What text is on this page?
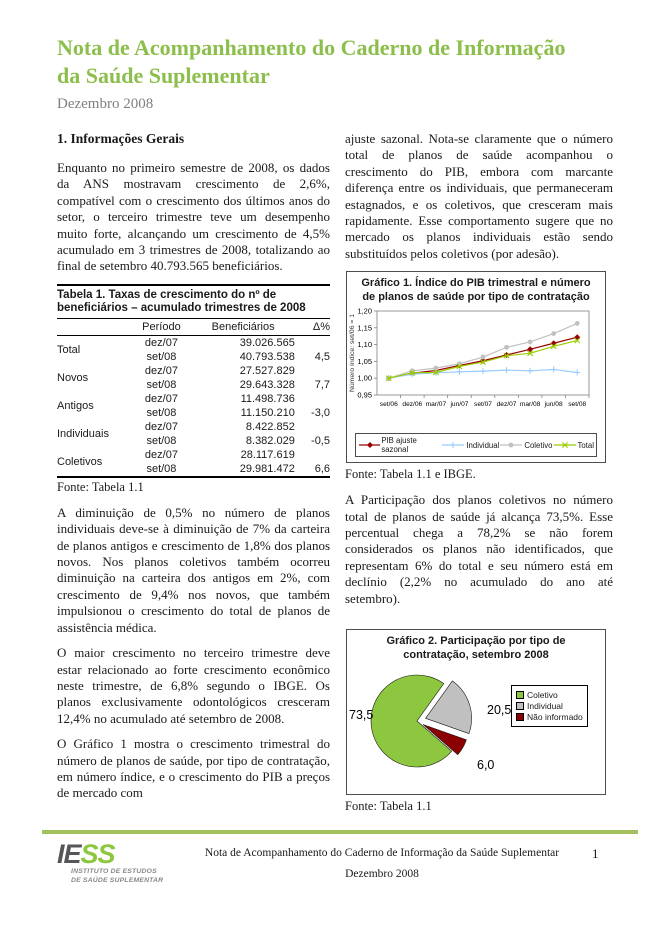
Nota de Acompanhamento do Caderno de Informação
da Saúde Suplementar
Dezembro 2008
1. Informações Gerais

Enquanto no primeiro semestre de 2008, os dados da ANS mostravam crescimento de 2,6%, compatível com o crescimento dos últimos anos do setor, o terceiro trimestre teve um desempenho muito forte, alcançando um crescimento de 4,5% acumulado em 3 trimestres de 2008, totalizando ao final de setembro 40.793.565 beneficiários.

Tabela 1. Taxas de crescimento do nº de beneficiários – acumulado trimestres de 2008
	Período	Beneficiários	Δ%
Total	dez/07	39.026.565	
	set/08	40.793.538	4,5
Novos	dez/07	27.527.829	
	set/08	29.643.328	7,7
Antigos	dez/07	11.498.736	
	set/08	11.150.210	-3,0
Individuais	dez/07	8.422.852	
	set/08	8.382.029	-0,5
Coletivos	dez/07	28.117.619	
	set/08	29.981.472	6,6
Fonte: Tabela 1.1

A diminuição de 0,5% no número de planos individuais deve-se à diminuição de 7% da carteira de planos antigos e crescimento de 1,8% dos planos novos. Nos planos coletivos também ocorreu diminuição na carteira dos antigos em 2%, com crescimento de 9,4% nos novos, que também impulsionou o crescimento do total de planos de assistência médica.

O maior crescimento no terceiro trimestre deve estar relacionado ao forte crescimento econômico neste trimestre, de 6,8% segundo o IBGE. Os planos exclusivamente odontológicos cresceram 12,4% no acumulado até setembro de 2008.

O Gráfico 1 mostra o crescimento trimestral do número de planos de saúde, por tipo de contratação, em número índice, e o crescimento do PIB a preços de mercado com

ajuste sazonal. Nota-se claramente que o número total de planos de saúde acompanhou o crescimento do PIB, embora com marcante diferença entre os individuais, que permaneceram estagnados, e os coletivos, que cresceram mais rapidamente. Esse comportamento sugere que no mercado os planos individuais estão sendo substituídos pelos coletivos (por adesão).

Gráfico 1. Índice do PIB trimestral e número de planos de saúde por tipo de contratação
0,95
1,00
1,05
1,10
1,15
1,20
set/06 dez/06 mar/07 jun/07 set/07 dez/07 mar/08 jun/08 set/08
Número índice: set/06 = 1
PIB ajuste sazonal	Individual	Coletivo	Total
Fonte: Tabela 1.1 e IBGE.

A Participação dos planos coletivos no número total de planos de saúde já alcança 73,5%. Esse percentual chega a 78,2% se não forem considerados os planos não identificados, que representam 6% do total e seu número está em declínio (2,2% no acumulado do ano até setembro).

Gráfico 2. Participação por tipo de contratação, setembro 2008
73,5	20,5
6,0
Coletivo
Individual
Não informado
Fonte: Tabela 1.1
IESS
INSTITUTO DE ESTUDOS
DE SAÚDE SUPLEMENTAR
Nota de Acompanhamento do Caderno de Informação da Saúde Suplementar
Dezembro 2008
1
